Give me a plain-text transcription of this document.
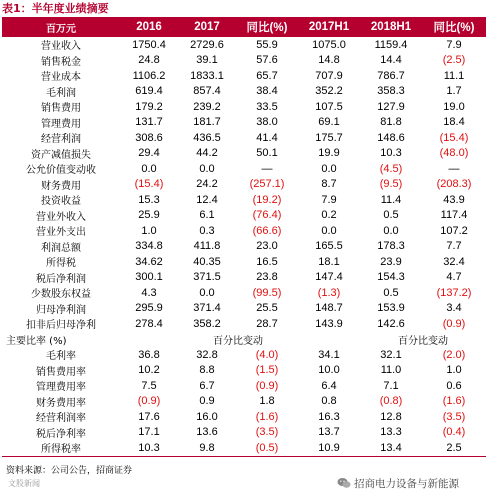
表1：半年度业绩摘要
百万元	2016	2017	同比(%)	2017H1	2018H1	同比(%)
营业收入	1750.4	2729.6	55.9	1075.0	1159.4	7.9
销售税金	24.8	39.1	57.6	14.8	14.4	(2.5)
营业成本	1106.2	1833.1	65.7	707.9	786.7	11.1
毛利润	619.4	857.4	38.4	352.2	358.3	1.7
销售费用	179.2	239.2	33.5	107.5	127.9	19.0
管理费用	131.7	181.7	38.0	69.1	81.8	18.4
经营利润	308.6	436.5	41.4	175.7	148.6	(15.4)
资产减值损失	29.4	44.2	50.1	19.9	10.3	(48.0)
公允价值变动收	0.0	0.0	—	0.0	(4.5)	—
财务费用	(15.4)	24.2	(257.1)	8.7	(9.5)	(208.3)
投资收益	15.3	12.4	(19.2)	7.9	11.4	43.9
营业外收入	25.9	6.1	(76.4)	0.2	0.5	117.4
营业外支出	1.0	0.3	(66.6)	0.0	0.0	107.2
利润总额	334.8	411.8	23.0	165.5	178.3	7.7
所得税	34.62	40.35	16.5	18.1	23.9	32.4
税后净利润	300.1	371.5	23.8	147.4	154.3	4.7
少数股东权益	4.3	0.0	(99.5)	(1.3)	0.5	(137.2)
归母净利润	295.9	371.4	25.5	148.7	153.9	3.4
扣非后归母净利	278.4	358.2	28.7	143.9	142.6	(0.9)
主要比率 (%)		百分比变动			百分比变动	
毛利率	36.8	32.8	(4.0)	34.1	32.1	(2.0)
销售费用率	10.2	8.8	(1.5)	10.0	11.0	1.0
管理费用率	7.5	6.7	(0.9)	6.4	7.1	0.6
财务费用率	(0.9)	0.9	1.8	0.8	(0.8)	(1.6)
经营利润率	17.6	16.0	(1.6)	16.3	12.8	(3.5)
税后净利率	17.1	13.6	(3.5)	13.7	13.3	(0.4)
所得税率	10.3	9.8	(0.5)	10.9	13.4	2.5
资料来源：公司公告，招商证券
文股新闻	招商电力设备与新能源
